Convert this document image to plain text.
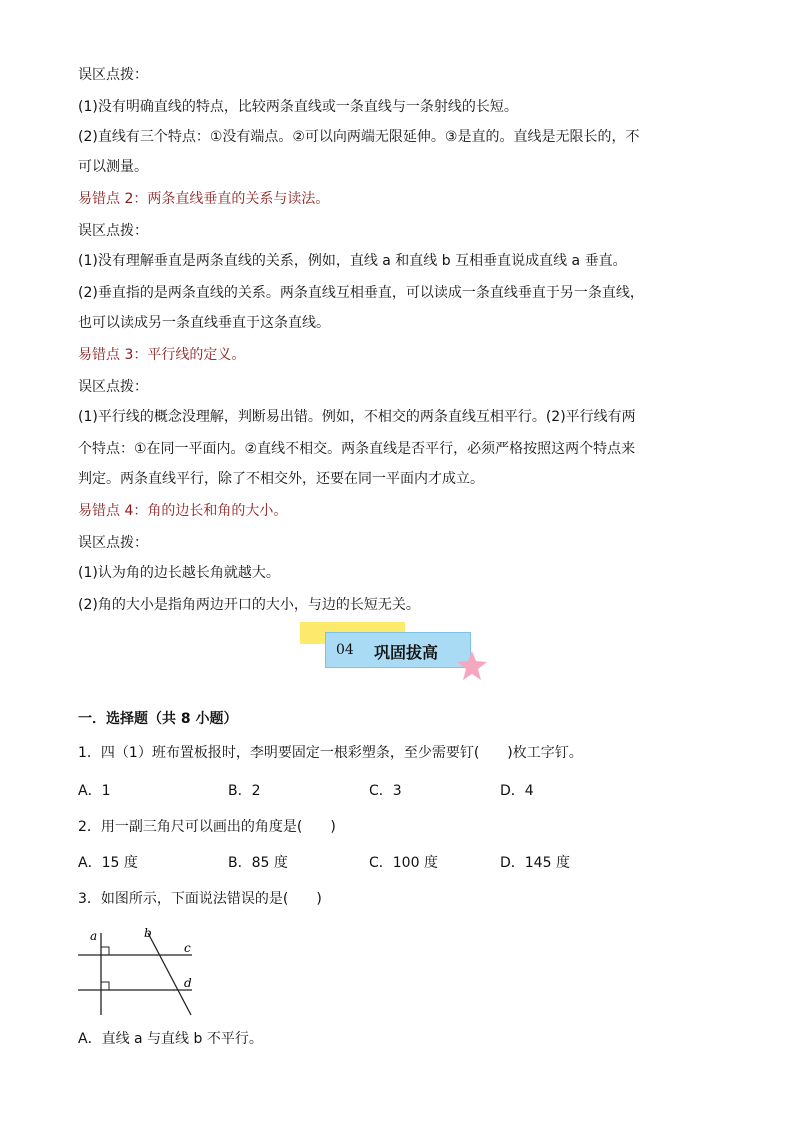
误区点拨：
(1)没有明确直线的特点，比较两条直线或一条直线与一条射线的长短。
(2)直线有三个特点：①没有端点。②可以向两端无限延伸。③是直的。直线是无限长的，不
可以测量。
易错点 2：两条直线垂直的关系与读法。
误区点拨：
(1)没有理解垂直是两条直线的关系，例如，直线 a 和直线 b 互相垂直说成直线 a 垂直。
(2)垂直指的是两条直线的关系。两条直线互相垂直，可以读成一条直线垂直于另一条直线，
也可以读成另一条直线垂直于这条直线。
易错点 3：平行线的定义。
误区点拨：
(1)平行线的概念没理解，判断易出错。例如，不相交的两条直线互相平行。(2)平行线有两
个特点：①在同一平面内。②直线不相交。两条直线是否平行，必须严格按照这两个特点来
判定。两条直线平行，除了不相交外，还要在同一平面内才成立。
易错点 4：角的边长和角的大小。
误区点拨：
(1)认为角的边长越长角就越大。
(2)角的大小是指角两边开口的大小，与边的长短无关。
04 巩固拔高
一．选择题（共 8 小题）
1．四（1）班布置板报时，李明要固定一根彩塑条，至少需要钉(　　)枚工字钉。
A．1	B．2	C．3	D．4
2．用一副三角尺可以画出的角度是(　　)
A．15 度	B．85 度	C．100 度	D．145 度
3．如图所示，下面说法错误的是(　　)
a	b
c
d
A．直线 a 与直线 b 不平行。
